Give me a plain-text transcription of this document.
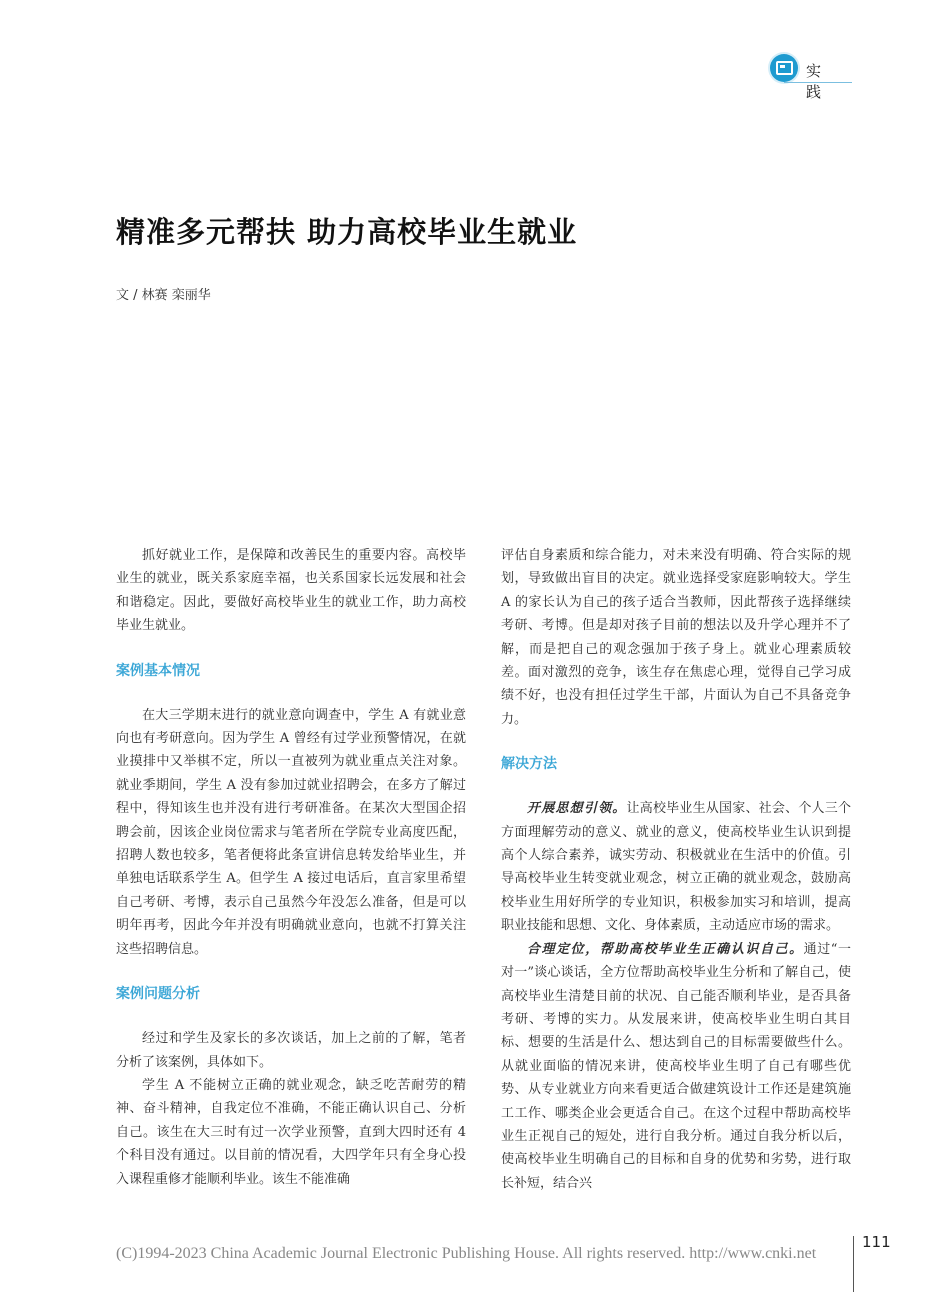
实 践
精准多元帮扶 助力高校毕业生就业
文 / 林赛 栾丽华

抓好就业工作，是保障和改善民生的重要内容。高校毕业生的就业，既关系家庭幸福，也关系国家长远发展和社会和谐稳定。因此，要做好高校毕业生的就业工作，助力高校毕业生就业。

案例基本情况

在大三学期末进行的就业意向调查中，学生 A 有就业意向也有考研意向。因为学生 A 曾经有过学业预警情况，在就业摸排中又举棋不定，所以一直被列为就业重点关注对象。就业季期间，学生 A 没有参加过就业招聘会，在多方了解过程中，得知该生也并没有进行考研准备。在某次大型国企招聘会前，因该企业岗位需求与笔者所在学院专业高度匹配，招聘人数也较多，笔者便将此条宣讲信息转发给毕业生，并单独电话联系学生 A。但学生 A 接过电话后，直言家里希望自己考研、考博，表示自己虽然今年没怎么准备，但是可以明年再考，因此今年并没有明确就业意向，也就不打算关注这些招聘信息。

案例问题分析

经过和学生及家长的多次谈话，加上之前的了解，笔者分析了该案例，具体如下。

学生 A 不能树立正确的就业观念，缺乏吃苦耐劳的精神、奋斗精神，自我定位不准确，不能正确认识自己、分析自己。该生在大三时有过一次学业预警，直到大四时还有 4 个科目没有通过。以目前的情况看，大四学年只有全身心投入课程重修才能顺利毕业。该生不能准确

评估自身素质和综合能力，对未来没有明确、符合实际的规划，导致做出盲目的决定。就业选择受家庭影响较大。学生 A 的家长认为自己的孩子适合当教师，因此帮孩子选择继续考研、考博。但是却对孩子目前的想法以及升学心理并不了解，而是把自己的观念强加于孩子身上。就业心理素质较差。面对激烈的竞争，该生存在焦虑心理，觉得自己学习成绩不好，也没有担任过学生干部，片面认为自己不具备竞争力。

解决方法

开展思想引领。让高校毕业生从国家、社会、个人三个方面理解劳动的意义、就业的意义，使高校毕业生认识到提高个人综合素养，诚实劳动、积极就业在生活中的价值。引导高校毕业生转变就业观念，树立正确的就业观念，鼓励高校毕业生用好所学的专业知识，积极参加实习和培训，提高职业技能和思想、文化、身体素质，主动适应市场的需求。

合理定位，帮助高校毕业生正确认识自己。通过“一对一”谈心谈话，全方位帮助高校毕业生分析和了解自己，使高校毕业生清楚目前的状况、自己能否顺利毕业，是否具备考研、考博的实力。从发展来讲，使高校毕业生明白其目标、想要的生活是什么、想达到自己的目标需要做些什么。从就业面临的情况来讲，使高校毕业生明了自己有哪些优势、从专业就业方向来看更适合做建筑设计工作还是建筑施工工作、哪类企业会更适合自己。在这个过程中帮助高校毕业生正视自己的短处，进行自我分析。通过自我分析以后，使高校毕业生明确自己的目标和自身的优势和劣势，进行取长补短，结合兴

(C)1994-2023 China Academic Journal Electronic Publishing House. All rights reserved. http://www.cnki.net
111
